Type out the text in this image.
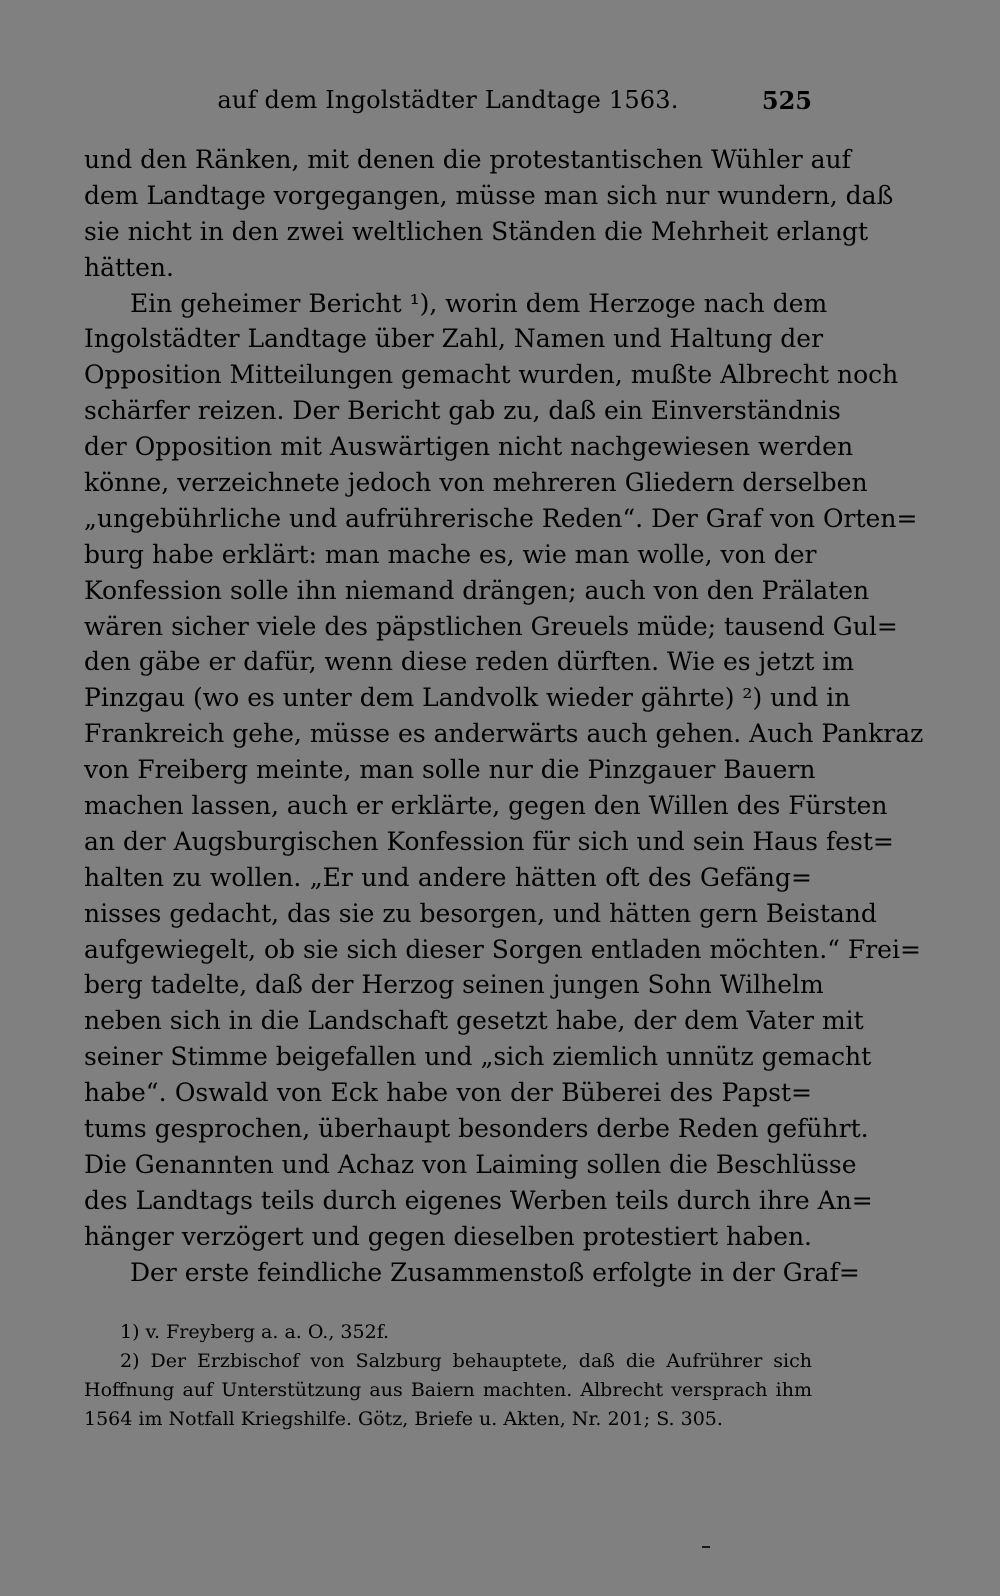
auf dem Ingolstädter Landtage 1563.	525
und den Ränken, mit denen die protestantischen Wühler auf
dem Landtage vorgegangen, müsse man sich nur wundern, daß
sie nicht in den zwei weltlichen Ständen die Mehrheit erlangt
hätten.
Ein geheimer Bericht ¹), worin dem Herzoge nach dem
Ingolstädter Landtage über Zahl, Namen und Haltung der
Opposition Mitteilungen gemacht wurden, mußte Albrecht noch
schärfer reizen. Der Bericht gab zu, daß ein Einverständnis
der Opposition mit Auswärtigen nicht nachgewiesen werden
könne, verzeichnete jedoch von mehreren Gliedern derselben
„ungebührliche und aufrührerische Reden“. Der Graf von Orten=
burg habe erklärt: man mache es, wie man wolle, von der
Konfession solle ihn niemand drängen; auch von den Prälaten
wären sicher viele des päpstlichen Greuels müde; tausend Gul=
den gäbe er dafür, wenn diese reden dürften. Wie es jetzt im
Pinzgau (wo es unter dem Landvolk wieder gährte) ²) und in
Frankreich gehe, müsse es anderwärts auch gehen. Auch Pankraz
von Freiberg meinte, man solle nur die Pinzgauer Bauern
machen lassen, auch er erklärte, gegen den Willen des Fürsten
an der Augsburgischen Konfession für sich und sein Haus fest=
halten zu wollen. „Er und andere hätten oft des Gefäng=
nisses gedacht, das sie zu besorgen, und hätten gern Beistand
aufgewiegelt, ob sie sich dieser Sorgen entladen möchten.“ Frei=
berg tadelte, daß der Herzog seinen jungen Sohn Wilhelm
neben sich in die Landschaft gesetzt habe, der dem Vater mit
seiner Stimme beigefallen und „sich ziemlich unnütz gemacht
habe“. Oswald von Eck habe von der Büberei des Papst=
tums gesprochen, überhaupt besonders derbe Reden geführt.
Die Genannten und Achaz von Laiming sollen die Beschlüsse
des Landtags teils durch eigenes Werben teils durch ihre An=
hänger verzögert und gegen dieselben protestiert haben.
Der erste feindliche Zusammenstoß erfolgte in der Graf=
1) v. Freyberg a. a. O., 352f.
2) Der Erzbischof von Salzburg behauptete, daß die Aufrührer sich
Hoffnung auf Unterstützung aus Baiern machten. Albrecht versprach ihm
1564 im Notfall Kriegshilfe. Götz, Briefe u. Akten, Nr. 201; S. 305.
